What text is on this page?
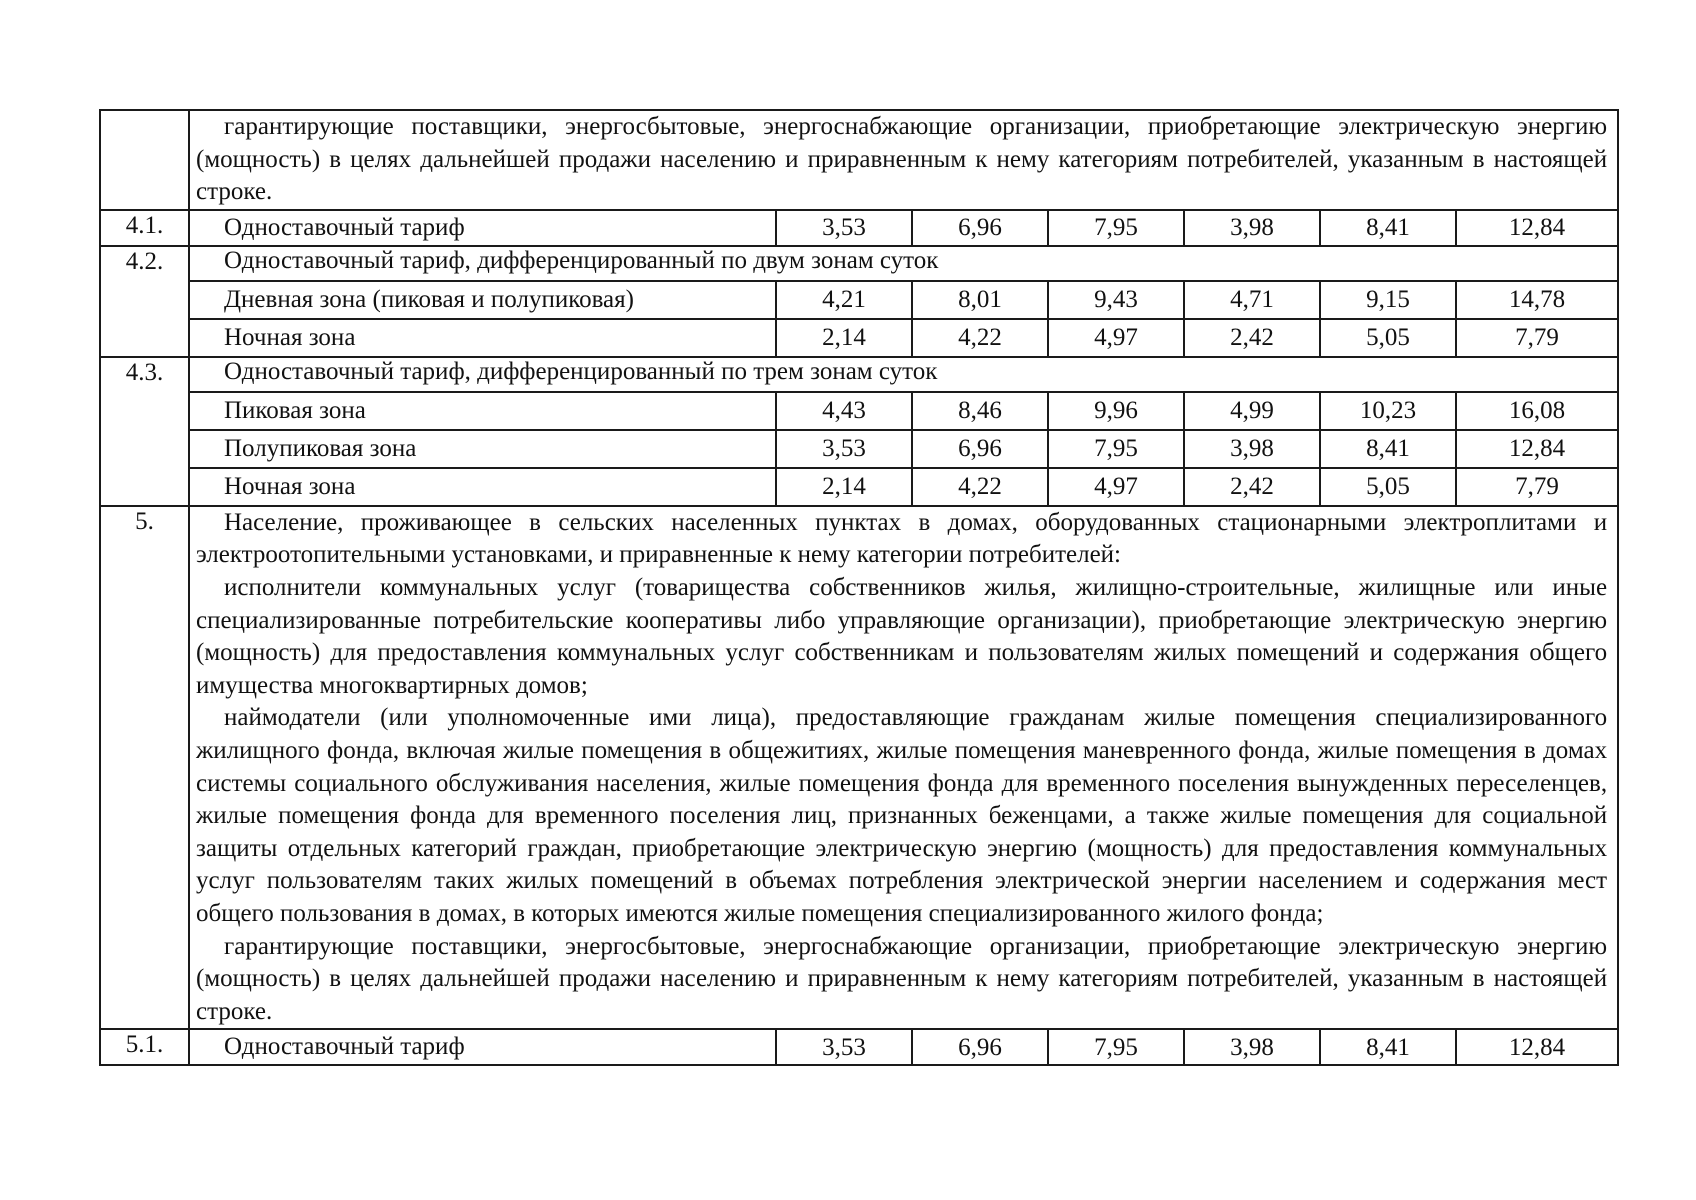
	гарантирующие поставщики, энергосбытовые, энергоснабжающие организации, приобретающие электрическую энергию (мощность) в целях дальнейшей продажи населению и приравненным к нему категориям потребителей, указанным в настоящей строке.						

4.1.	Одноставочный тариф	3,53	6,96	7,95	3,98	8,41	12,84
4.2.	Одноставочный тариф, дифференцированный по двум зонам суток						
	Дневная зона (пиковая и полупиковая)	4,21	8,01	9,43	4,71	9,15	14,78
	Ночная зона	2,14	4,22	4,97	2,42	5,05	7,79
4.3.	Одноставочный тариф, дифференцированный по трем зонам суток						
	Пиковая зона	4,43	8,46	9,96	4,99	10,23	16,08
	Полупиковая зона	3,53	6,96	7,95	3,98	8,41	12,84
	Ночная зона	2,14	4,22	4,97	2,42	5,05	7,79
5.	Население, проживающее в сельских населенных пунктах в домах, оборудованных стационарными электроплитами и электроотопительными установками, и приравненные к нему категории потребителей:

исполнители коммунальных услуг (товарищества собственников жилья, жилищно-строительные, жилищные или иные специализированные потребительские кооперативы либо управляющие организации), приобретающие электрическую энергию (мощность) для предоставления коммунальных услуг собственникам и пользователям жилых помещений и содержания общего имущества многоквартирных домов;

наймодатели (или уполномоченные ими лица), предоставляющие гражданам жилые помещения специализированного жилищного фонда, включая жилые помещения в общежитиях, жилые помещения маневренного фонда, жилые помещения в домах системы социального обслуживания населения, жилые помещения фонда для временного поселения вынужденных переселенцев, жилые помещения фонда для временного поселения лиц, признанных беженцами, а также жилые помещения для социальной защиты отдельных категорий граждан, приобретающие электрическую энергию (мощность) для предоставления коммунальных услуг пользователям таких жилых помещений в объемах потребления электрической энергии населением и содержания мест общего пользования в домах, в которых имеются жилые помещения специализированного жилого фонда;

гарантирующие поставщики, энергосбытовые, энергоснабжающие организации, приобретающие электрическую энергию (мощность) в целях дальнейшей продажи населению и приравненным к нему категориям потребителей, указанным в настоящей строке.						

5.1.	Одноставочный тариф	3,53	6,96	7,95	3,98	8,41	12,84
